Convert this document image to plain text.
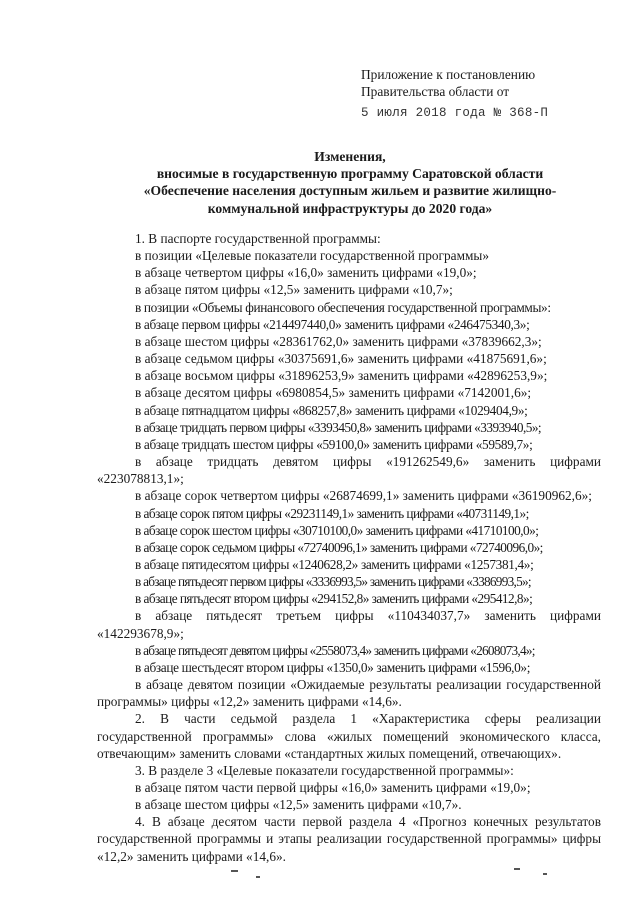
Приложение к постановлению
Правительства области от
5 июля 2018 года № 368-П
Изменения,
вносимые в государственную программу Саратовской области
«Обеспечение населения доступным жильем и развитие жилищно-
коммунальной инфраструктуры до 2020 года»
1. В паспорте государственной программы:
в позиции «Целевые показатели государственной программы»
в абзаце четвертом цифры «16,0» заменить цифрами «19,0»;
в абзаце пятом цифры «12,5» заменить цифрами «10,7»;
в позиции «Объемы финансового обеспечения государственной программы»:
в абзаце первом цифры «214497440,0» заменить цифрами «246475340,3»;
в абзаце шестом цифры «28361762,0» заменить цифрами «37839662,3»;
в абзаце седьмом цифры «30375691,6» заменить цифрами «41875691,6»;
в абзаце восьмом цифры «31896253,9» заменить цифрами «42896253,9»;
в абзаце десятом цифры «6980854,5» заменить цифрами «7142001,6»;
в абзаце пятнадцатом цифры «868257,8» заменить цифрами «1029404,9»;
в абзаце тридцать первом цифры «3393450,8» заменить цифрами «3393940,5»;
в абзаце тридцать шестом цифры «59100,0» заменить цифрами «59589,7»;
в абзаце тридцать девятом цифры «191262549,6» заменить цифрами «223078813,1»;
в абзаце сорок четвертом цифры «26874699,1» заменить цифрами «36190962,6»;
в абзаце сорок пятом цифры «29231149,1» заменить цифрами «40731149,1»;
в абзаце сорок шестом цифры «30710100,0» заменить цифрами «41710100,0»;
в абзаце сорок седьмом цифры «72740096,1» заменить цифрами «72740096,0»;
в абзаце пятидесятом цифры «1240628,2» заменить цифрами «1257381,4»;
в абзаце пятьдесят первом цифры «3336993,5» заменить цифрами «3386993,5»;
в абзаце пятьдесят втором цифры «294152,8» заменить цифрами «295412,8»;
в абзаце пятьдесят третьем цифры «110434037,7» заменить цифрами «142293678,9»;
в абзаце пятьдесят девятом цифры «2558073,4» заменить цифрами «2608073,4»;
в абзаце шестьдесят втором цифры «1350,0» заменить цифрами «1596,0»;
в абзаце девятом позиции «Ожидаемые результаты реализации государственной программы» цифры «12,2» заменить цифрами «14,6».
2. В части седьмой раздела 1 «Характеристика сферы реализации государственной программы» слова «жилых помещений экономического класса, отвечающим» заменить словами «стандартных жилых помещений, отвечающих».
3. В разделе 3 «Целевые показатели государственной программы»:
в абзаце пятом части первой цифры «16,0» заменить цифрами «19,0»;
в абзаце шестом цифры «12,5» заменить цифрами «10,7».
4. В абзаце десятом части первой раздела 4 «Прогноз конечных результатов государственной программы и этапы реализации государственной программы» цифры «12,2» заменить цифрами «14,6».
